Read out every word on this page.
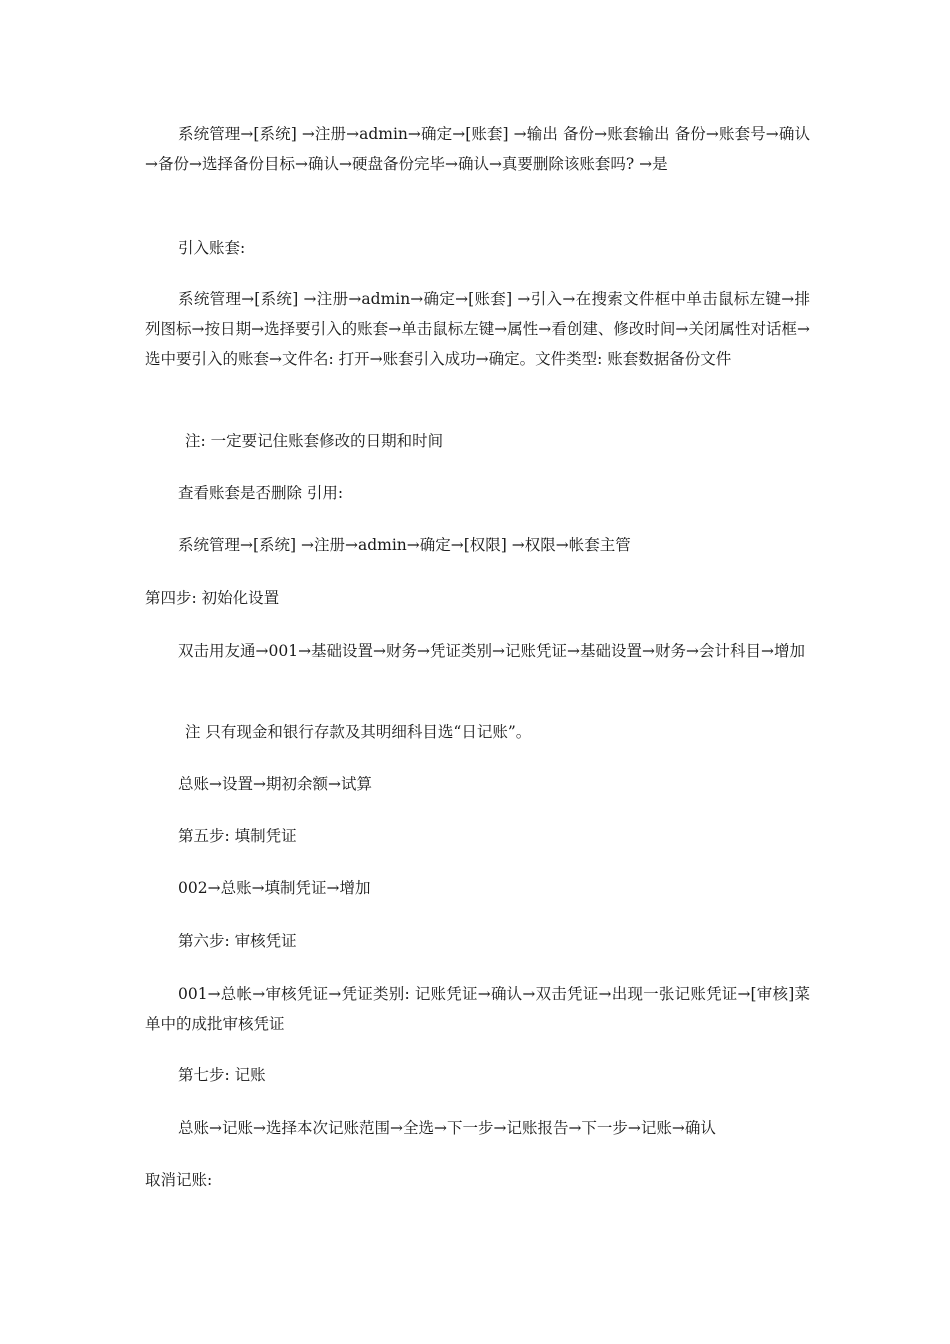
系统管理→[系统] →注册→admin→确定→[账套] →输出 备份→账套输出 备份→账套号→确认→备份→选择备份目标→确认→硬盘备份完毕→确认→真要删除该账套吗? →是

引入账套:

系统管理→[系统] →注册→admin→确定→[账套] →引入→在搜索文件框中单击鼠标左键→排列图标→按日期→选择要引入的账套→单击鼠标左键→属性→看创建、修改时间→关闭属性对话框→选中要引入的账套→文件名: 打开→账套引入成功→确定。文件类型: 账套数据备份文件

注: 一定要记住账套修改的日期和时间

查看账套是否删除 引用:

系统管理→[系统] →注册→admin→确定→[权限] →权限→帐套主管

第四步: 初始化设置

双击用友通→001→基础设置→财务→凭证类别→记账凭证→基础设置→财务→会计科目→增加

注 只有现金和银行存款及其明细科目选“日记账”。

总账→设置→期初余额→试算

第五步: 填制凭证

002→总账→填制凭证→增加

第六步: 审核凭证

001→总帐→审核凭证→凭证类别: 记账凭证→确认→双击凭证→出现一张记账凭证→[审核]菜单中的成批审核凭证

第七步: 记账

总账→记账→选择本次记账范围→全选→下一步→记账报告→下一步→记账→确认

取消记账:
